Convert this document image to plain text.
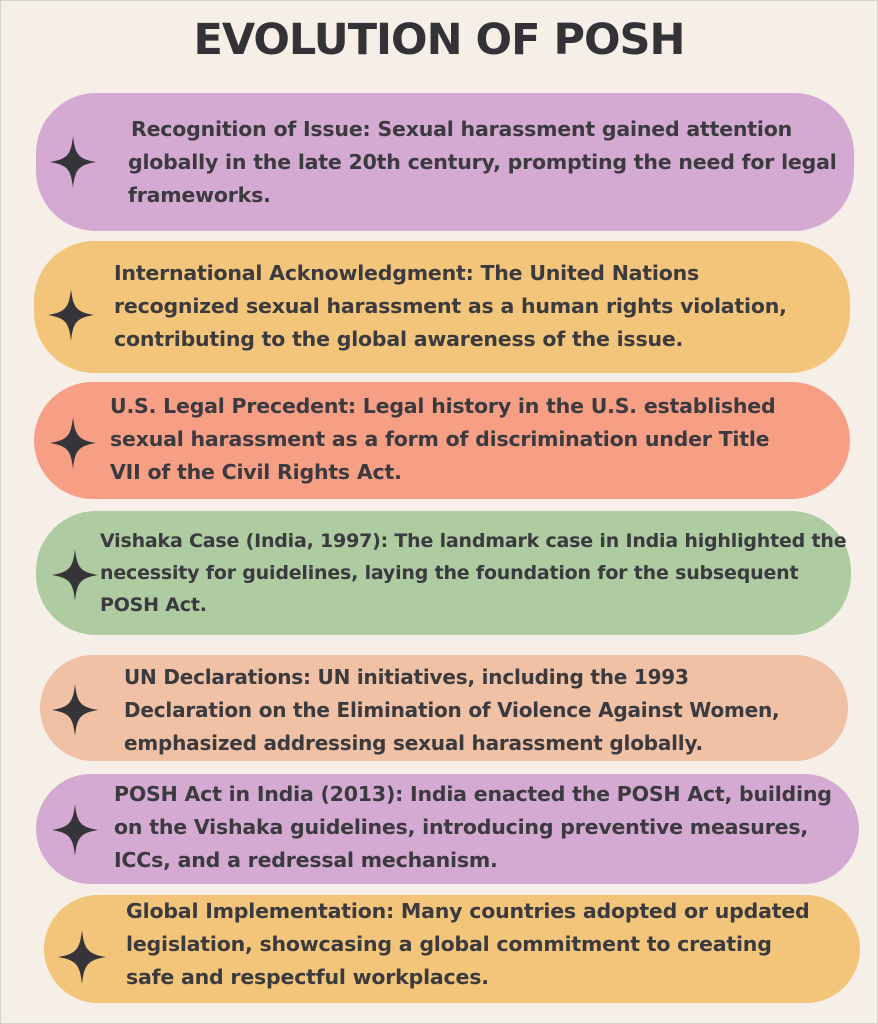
EVOLUTION OF POSH
Recognition of Issue: Sexual harassment gained attention
globally in the late 20th century, prompting the need for legal
frameworks.
International Acknowledgment: The United Nations
recognized sexual harassment as a human rights violation,
contributing to the global awareness of the issue.
U.S. Legal Precedent: Legal history in the U.S. established
sexual harassment as a form of discrimination under Title
VII of the Civil Rights Act.
Vishaka Case (India, 1997): The landmark case in India highlighted the
necessity for guidelines, laying the foundation for the subsequent
POSH Act.
UN Declarations: UN initiatives, including the 1993
Declaration on the Elimination of Violence Against Women,
emphasized addressing sexual harassment globally.
POSH Act in India (2013): India enacted the POSH Act, building
on the Vishaka guidelines, introducing preventive measures,
ICCs, and a redressal mechanism.
Global Implementation: Many countries adopted or updated
legislation, showcasing a global commitment to creating
safe and respectful workplaces.
